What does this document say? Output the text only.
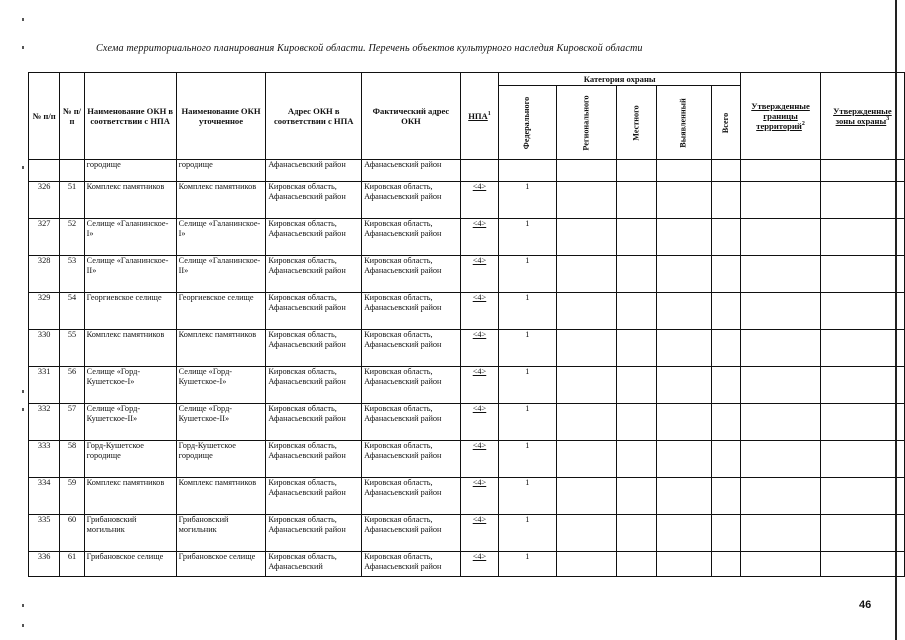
Схема территориального планирования Кировской области. Перечень объектов культурного наследия Кировской области
№ п/п	№ п/п	Наименование ОКН в соответствии с НПА	Наименование ОКН уточненное	Адрес ОКН в соответствии с НПА	Фактический адрес ОКН	НПА$^1$	Категория охраны					Утвержденные границы территорий$^2$	Утвержденные зоны охраны$^3$
							Федерального	Регионального	Местного	Выявленный	Всего		
		городище	городище	Афанасьевский район	Афанасьевский район								
326	51	Комплекс памятников	Комплекс памятников	Кировская область, Афанасьевский район	Кировская область, Афанасьевский район	<4>	1						
327	52	Селище «Галанинское-I»	Селище «Галанинское-I»	Кировская область, Афанасьевский район	Кировская область, Афанасьевский район	<4>	1						
328	53	Селище «Галанинское-II»	Селище «Галанинское-II»	Кировская область, Афанасьевский район	Кировская область, Афанасьевский район	<4>	1						
329	54	Георгиевское селище	Георгиевское селище	Кировская область, Афанасьевский район	Кировская область, Афанасьевский район	<4>	1						
330	55	Комплекс памятников	Комплекс памятников	Кировская область, Афанасьевский район	Кировская область, Афанасьевский район	<4>	1						
331	56	Селище «Горд-Кушетское-I»	Селище «Горд-Кушетское-I»	Кировская область, Афанасьевский район	Кировская область, Афанасьевский район	<4>	1						
332	57	Селище «Горд-Кушетское-II»	Селище «Горд-Кушетское-II»	Кировская область, Афанасьевский район	Кировская область, Афанасьевский район	<4>	1						
333	58	Горд-Кушетское городище	Горд-Кушетское городище	Кировская область, Афанасьевский район	Кировская область, Афанасьевский район	<4>	1						
334	59	Комплекс памятников	Комплекс памятников	Кировская область, Афанасьевский район	Кировская область, Афанасьевский район	<4>	1						
335	60	Грибановский могильник	Грибановский могильник	Кировская область, Афанасьевский район	Кировская область, Афанасьевский район	<4>	1						
336	61	Грибановское селище	Грибановское селище	Кировская область, Афанасьевский	Кировская область, Афанасьевский район	<4>	1						
46
